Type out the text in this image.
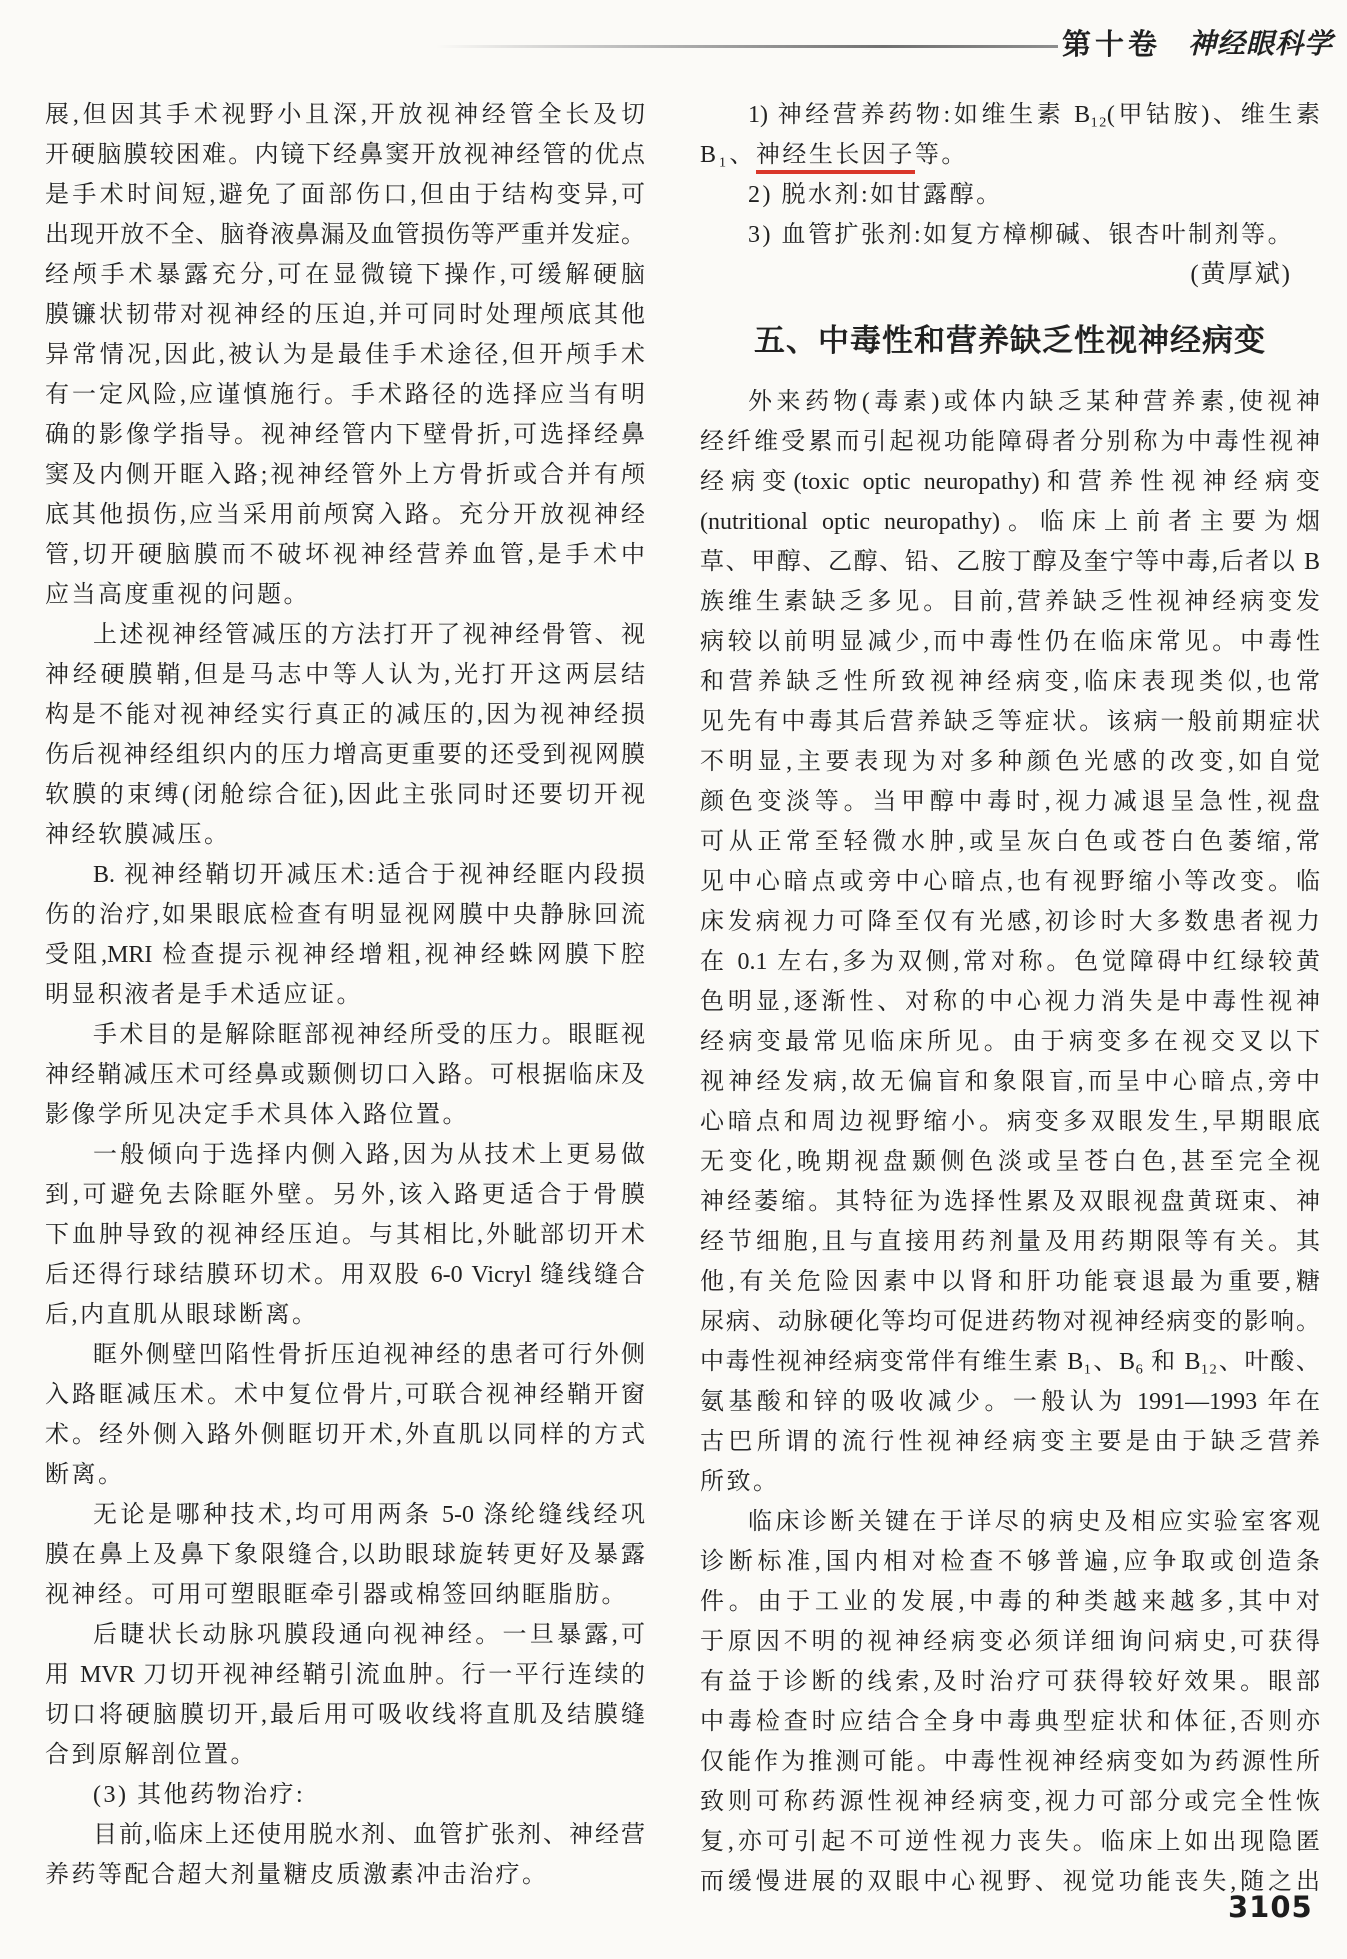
第十卷 神经眼科学
展,但因其手术视野小且深,开放视神经管全长及切
开硬脑膜较困难。内镜下经鼻窦开放视神经管的优点
是手术时间短,避免了面部伤口,但由于结构变异,可
出现开放不全、脑脊液鼻漏及血管损伤等严重并发症。
经颅手术暴露充分,可在显微镜下操作,可缓解硬脑
膜镰状韧带对视神经的压迫,并可同时处理颅底其他
异常情况,因此,被认为是最佳手术途径,但开颅手术
有一定风险,应谨慎施行。手术路径的选择应当有明
确的影像学指导。视神经管内下壁骨折,可选择经鼻
窦及内侧开眶入路;视神经管外上方骨折或合并有颅
底其他损伤,应当采用前颅窝入路。充分开放视神经
管,切开硬脑膜而不破坏视神经营养血管,是手术中
应当高度重视的问题。
上述视神经管减压的方法打开了视神经骨管、视
神经硬膜鞘,但是马志中等人认为,光打开这两层结
构是不能对视神经实行真正的减压的,因为视神经损
伤后视神经组织内的压力增高更重要的还受到视网膜
软膜的束缚(闭舱综合征),因此主张同时还要切开视
神经软膜减压。
B. 视神经鞘切开减压术:适合于视神经眶内段损
伤的治疗,如果眼底检查有明显视网膜中央静脉回流
受阻,MRI 检查提示视神经增粗,视神经蛛网膜下腔
明显积液者是手术适应证。
手术目的是解除眶部视神经所受的压力。眼眶视
神经鞘减压术可经鼻或颞侧切口入路。可根据临床及
影像学所见决定手术具体入路位置。
一般倾向于选择内侧入路,因为从技术上更易做
到,可避免去除眶外壁。另外,该入路更适合于骨膜
下血肿导致的视神经压迫。与其相比,外眦部切开术
后还得行球结膜环切术。用双股 6-0 Vicryl 缝线缝合
后,内直肌从眼球断离。
眶外侧壁凹陷性骨折压迫视神经的患者可行外侧
入路眶减压术。术中复位骨片,可联合视神经鞘开窗
术。经外侧入路外侧眶切开术,外直肌以同样的方式
断离。
无论是哪种技术,均可用两条 5-0 涤纶缝线经巩
膜在鼻上及鼻下象限缝合,以助眼球旋转更好及暴露
视神经。可用可塑眼眶牵引器或棉签回纳眶脂肪。
后睫状长动脉巩膜段通向视神经。一旦暴露,可
用 MVR 刀切开视神经鞘引流血肿。行一平行连续的
切口将硬脑膜切开,最后用可吸收线将直肌及结膜缝
合到原解剖位置。
(3) 其他药物治疗:
目前,临床上还使用脱水剂、血管扩张剂、神经营
养药等配合超大剂量糖皮质激素冲击治疗。
1) 神经营养药物:如维生素 B₁₂(甲钴胺)、维生素
B₁、神经生长因子等。
2) 脱水剂:如甘露醇。
3) 血管扩张剂:如复方樟柳碱、银杏叶制剂等。
(黄厚斌)
五、中毒性和营养缺乏性视神经病变
外来药物(毒素)或体内缺乏某种营养素,使视神
经纤维受累而引起视功能障碍者分别称为中毒性视神
经病变(toxic optic neuropathy)和营养性视神经病变
(nutritional optic neuropathy)。临床上前者主要为烟
草、甲醇、乙醇、铅、乙胺丁醇及奎宁等中毒,后者以 B
族维生素缺乏多见。目前,营养缺乏性视神经病变发
病较以前明显减少,而中毒性仍在临床常见。中毒性
和营养缺乏性所致视神经病变,临床表现类似,也常
见先有中毒其后营养缺乏等症状。该病一般前期症状
不明显,主要表现为对多种颜色光感的改变,如自觉
颜色变淡等。当甲醇中毒时,视力减退呈急性,视盘
可从正常至轻微水肿,或呈灰白色或苍白色萎缩,常
见中心暗点或旁中心暗点,也有视野缩小等改变。临
床发病视力可降至仅有光感,初诊时大多数患者视力
在 0.1 左右,多为双侧,常对称。色觉障碍中红绿较黄
色明显,逐渐性、对称的中心视力消失是中毒性视神
经病变最常见临床所见。由于病变多在视交叉以下
视神经发病,故无偏盲和象限盲,而呈中心暗点,旁中
心暗点和周边视野缩小。病变多双眼发生,早期眼底
无变化,晚期视盘颞侧色淡或呈苍白色,甚至完全视
神经萎缩。其特征为选择性累及双眼视盘黄斑束、神
经节细胞,且与直接用药剂量及用药期限等有关。其
他,有关危险因素中以肾和肝功能衰退最为重要,糖
尿病、动脉硬化等均可促进药物对视神经病变的影响。
中毒性视神经病变常伴有维生素 B₁、B₆ 和 B₁₂、叶酸、
氨基酸和锌的吸收减少。一般认为 1991—1993 年在
古巴所谓的流行性视神经病变主要是由于缺乏营养
所致。
临床诊断关键在于详尽的病史及相应实验室客观
诊断标准,国内相对检查不够普遍,应争取或创造条
件。由于工业的发展,中毒的种类越来越多,其中对
于原因不明的视神经病变必须详细询问病史,可获得
有益于诊断的线索,及时治疗可获得较好效果。眼部
中毒检查时应结合全身中毒典型症状和体征,否则亦
仅能作为推测可能。中毒性视神经病变如为药源性所
致则可称药源性视神经病变,视力可部分或完全性恢
复,亦可引起不可逆性视力丧失。临床上如出现隐匿
而缓慢进展的双眼中心视野、视觉功能丧失,随之出
3105
